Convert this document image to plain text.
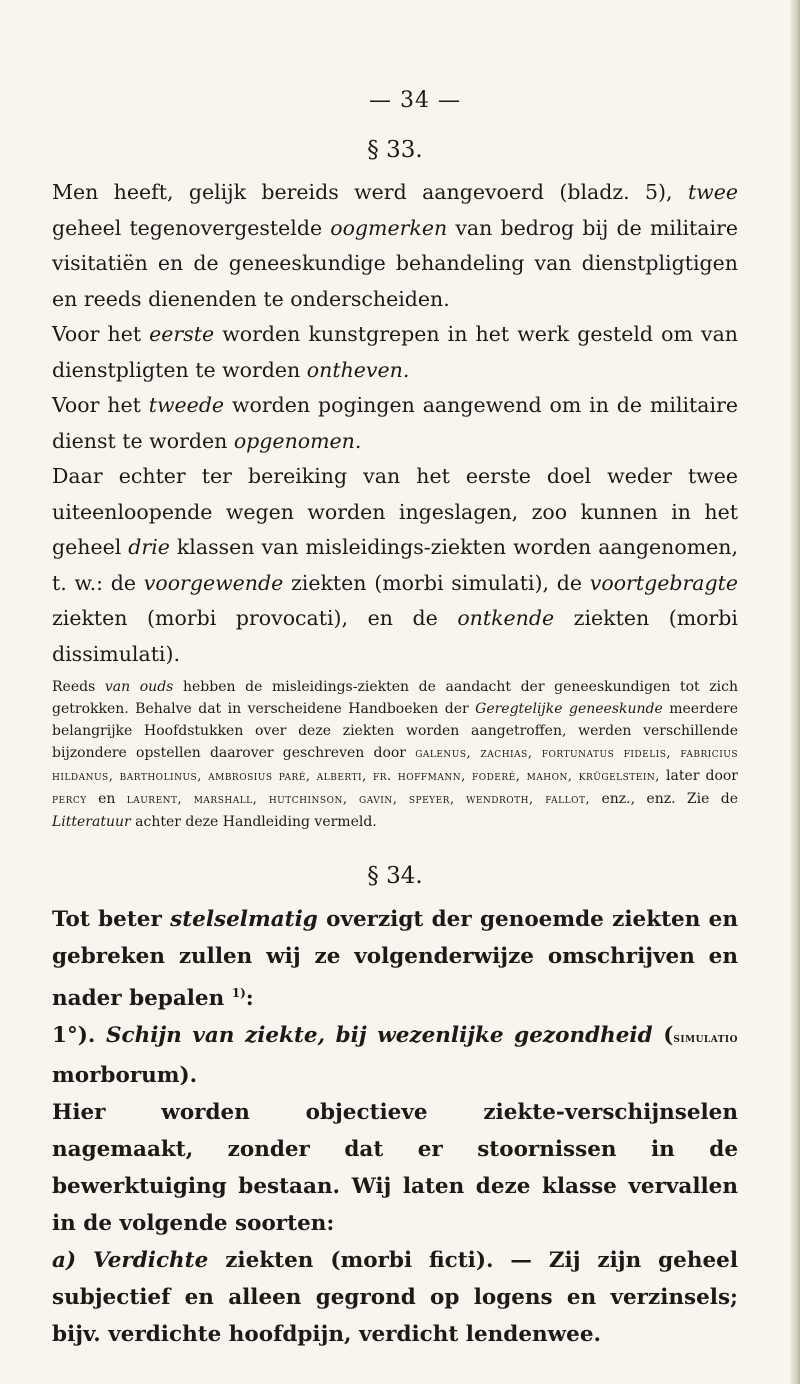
— 34 —
§ 33.

Men heeft, gelijk bereids werd aangevoerd (bladz. 5), twee geheel tegenovergestelde oogmerken van bedrog bij de militaire visitatiën en de geneeskundige behandeling van dienstpligtigen en reeds dienenden te onderscheiden.

Voor het eerste worden kunstgrepen in het werk gesteld om van dienstpligten te worden ontheven.

Voor het tweede worden pogingen aangewend om in de militaire dienst te worden opgenomen.

Daar echter ter bereiking van het eerste doel weder twee uiteenloopende wegen worden ingeslagen, zoo kunnen in het geheel drie klassen van misleidings-ziekten worden aangenomen, t. w.: de voorgewende ziekten (morbi simulati), de voortgebragte ziekten (morbi provocati), en de ontkende ziekten (morbi dissimulati).

Reeds van ouds hebben de misleidings-ziekten de aandacht der geneeskundigen tot zich getrokken. Behalve dat in verscheidene Handboeken der Geregtelijke geneeskunde meerdere belangrijke Hoofdstukken over deze ziekten worden aangetroffen, werden verschillende bijzondere opstellen daarover geschreven door galenus, zachias, fortunatus fidelis, fabricius hildanus, bartholinus, ambrosius paré, alberti, fr. hoffmann, foderé, mahon, krügelstein, later door percy en laurent, marshall, hutchinson, gavin, speyer, wendroth, fallot, enz., enz. Zie de Litteratuur achter deze Handleiding vermeld.
§ 34.

Tot beter stelselmatig overzigt der genoemde ziekten en gebreken zullen wij ze volgenderwijze omschrijven en nader bepalen $^{1)}$:

1°). Schijn van ziekte, bij wezenlijke gezondheid (simulatio morborum).

Hier worden objectieve ziekte-verschijnselen nagemaakt, zonder dat er stoornissen in de bewerktuiging bestaan. Wij laten deze klasse vervallen in de volgende soorten:

a) Verdichte ziekten (morbi ficti). — Zij zijn geheel subjectief en alleen gegrond op logens en verzinsels; bijv. verdichte hoofdpijn, verdicht lendenwee.
